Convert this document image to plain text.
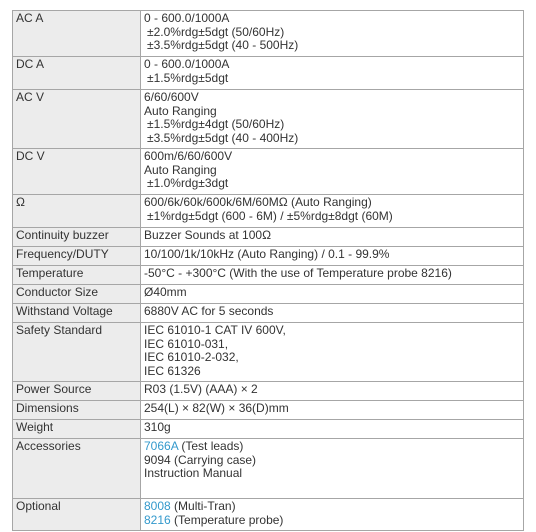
AC A	0 - 600.0/1000A
±2.0%rdg±5dgt (50/60Hz)
±3.5%rdg±5dgt (40 - 500Hz)

DC A	0 - 600.0/1000A
±1.5%rdg±5dgt

AC V	6/60/600V
Auto Ranging
±1.5%rdg±4dgt (50/60Hz)
±3.5%rdg±5dgt (40 - 400Hz)

DC V	600m/6/60/600V
Auto Ranging
±1.0%rdg±3dgt

Ω	600/6k/60k/600k/6M/60MΩ (Auto Ranging)
±1%rdg±5dgt (600 - 6M) / ±5%rdg±8dgt (60M)

Continuity buzzer	Buzzer Sounds at 100Ω

Frequency/DUTY	10/100/1k/10kHz (Auto Ranging) / 0.1 - 99.9%

Temperature	-50°C - +300°C (With the use of Temperature probe 8216)

Conductor Size	Ø40mm

Withstand Voltage	6880V AC for 5 seconds

Safety Standard	IEC 61010-1 CAT IV 600V,
IEC 61010-031,
IEC 61010-2-032,
IEC 61326

Power Source	R03 (1.5V) (AAA) × 2

Dimensions	254(L) × 82(W) × 36(D)mm

Weight	310g

Accessories	7066A (Test leads)
9094 (Carrying case)
Instruction Manual

Optional	8008 (Multi-Tran)
8216 (Temperature probe)
